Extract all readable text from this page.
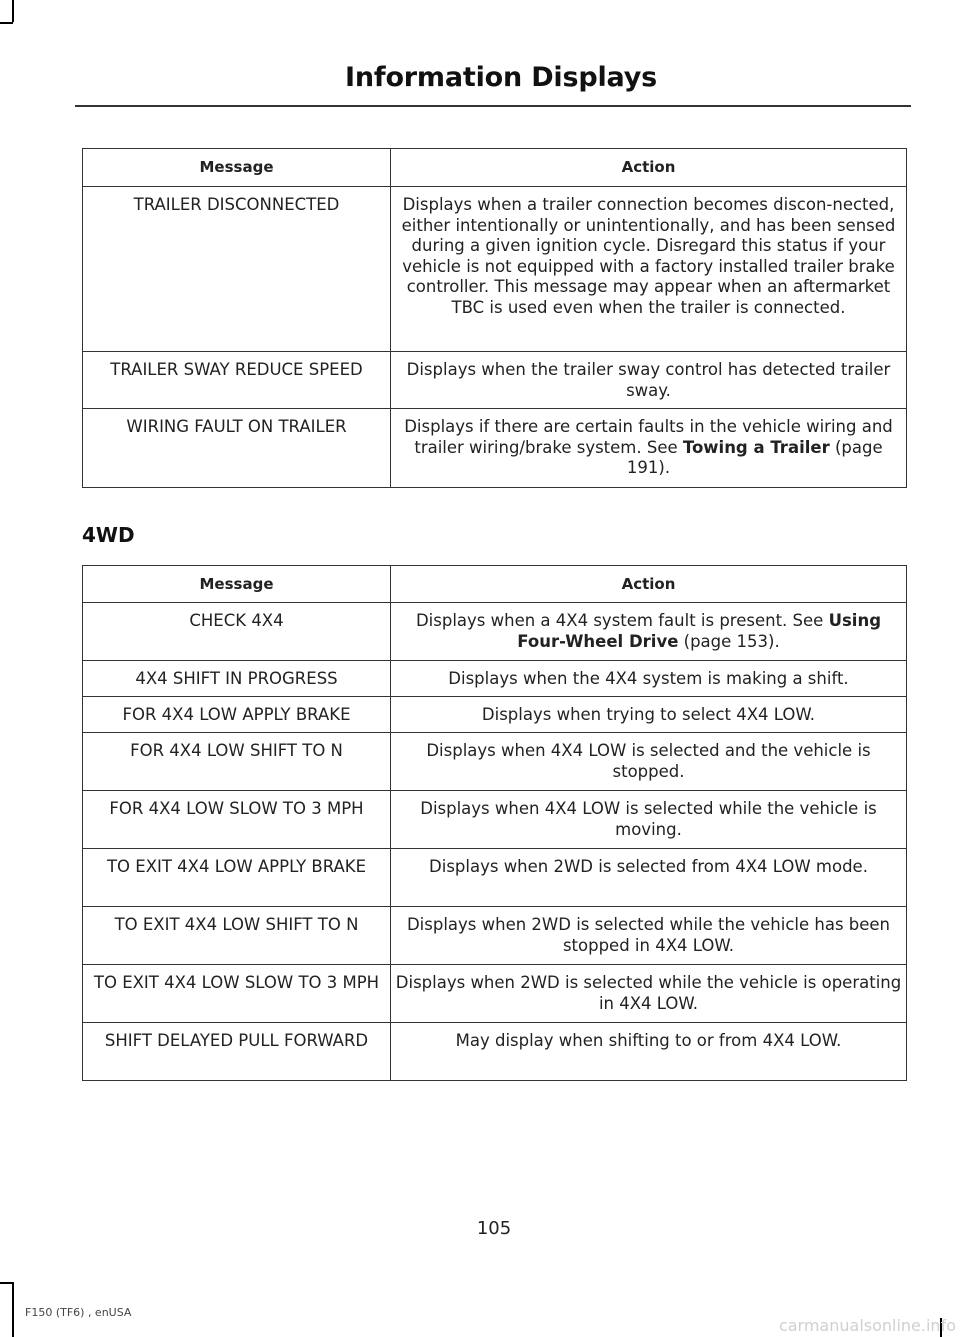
Information Displays
Message	Action
TRAILER DISCONNECTED	Displays when a trailer connection becomes discon-nected, either intentionally or unintentionally, and has been sensed during a given ignition cycle. Disregard this status if your vehicle is not equipped with a factory installed trailer brake controller. This message may appear when an aftermarket TBC is used even when the trailer is connected.
TRAILER SWAY REDUCE SPEED	Displays when the trailer sway control has detected trailer sway.
WIRING FAULT ON TRAILER	Displays if there are certain faults in the vehicle wiring and trailer wiring/brake system. See Towing a Trailer (page 191).
4WD
Message	Action
CHECK 4X4	Displays when a 4X4 system fault is present. See Using Four-Wheel Drive (page 153).
4X4 SHIFT IN PROGRESS	Displays when the 4X4 system is making a shift.
FOR 4X4 LOW APPLY BRAKE	Displays when trying to select 4X4 LOW.
FOR 4X4 LOW SHIFT TO N	Displays when 4X4 LOW is selected and the vehicle is stopped.
FOR 4X4 LOW SLOW TO 3 MPH	Displays when 4X4 LOW is selected while the vehicle is moving.
TO EXIT 4X4 LOW APPLY BRAKE	Displays when 2WD is selected from 4X4 LOW mode.
TO EXIT 4X4 LOW SHIFT TO N	Displays when 2WD is selected while the vehicle has been stopped in 4X4 LOW.
TO EXIT 4X4 LOW SLOW TO 3 MPH	Displays when 2WD is selected while the vehicle is operating in 4X4 LOW.
SHIFT DELAYED PULL FORWARD	May display when shifting to or from 4X4 LOW.
105
F150 (TF6) , enUSA
carmanualsonline.info
